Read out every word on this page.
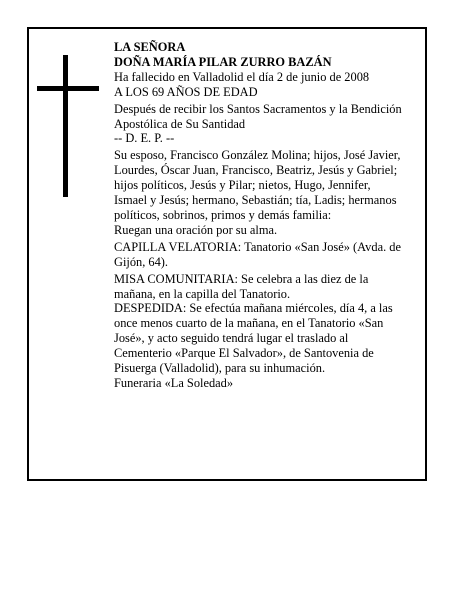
LA SEÑORA

DOÑA MARÍA PILAR ZURRO BAZÁN

Ha fallecido en Valladolid el día 2 de junio de 2008

A LOS 69 AÑOS DE EDAD

Después de recibir los Santos Sacramentos y la Bendición Apostólica de Su Santidad

-- D. E. P. --

Su esposo, Francisco González Molina; hijos, José Javier, Lourdes, Óscar Juan, Francisco, Beatriz, Jesús y Gabriel; hijos políticos, Jesús y Pilar; nietos, Hugo, Jennifer, Ismael y Jesús; hermano, Sebastián; tía, Ladis; hermanos políticos, sobrinos, primos y demás familia:

Ruegan una oración por su alma.

CAPILLA VELATORIA: Tanatorio «San José» (Avda. de Gijón, 64).

MISA COMUNITARIA: Se celebra a las diez de la mañana, en la capilla del Tanatorio.

DESPEDIDA: Se efectúa mañana miércoles, día 4, a las once menos cuarto de la mañana, en el Tanatorio «San José», y acto seguido tendrá lugar el traslado al Cementerio «Parque El Salvador», de Santovenia de Pisuerga (Valladolid), para su inhumación.

Funeraria «La Soledad»
